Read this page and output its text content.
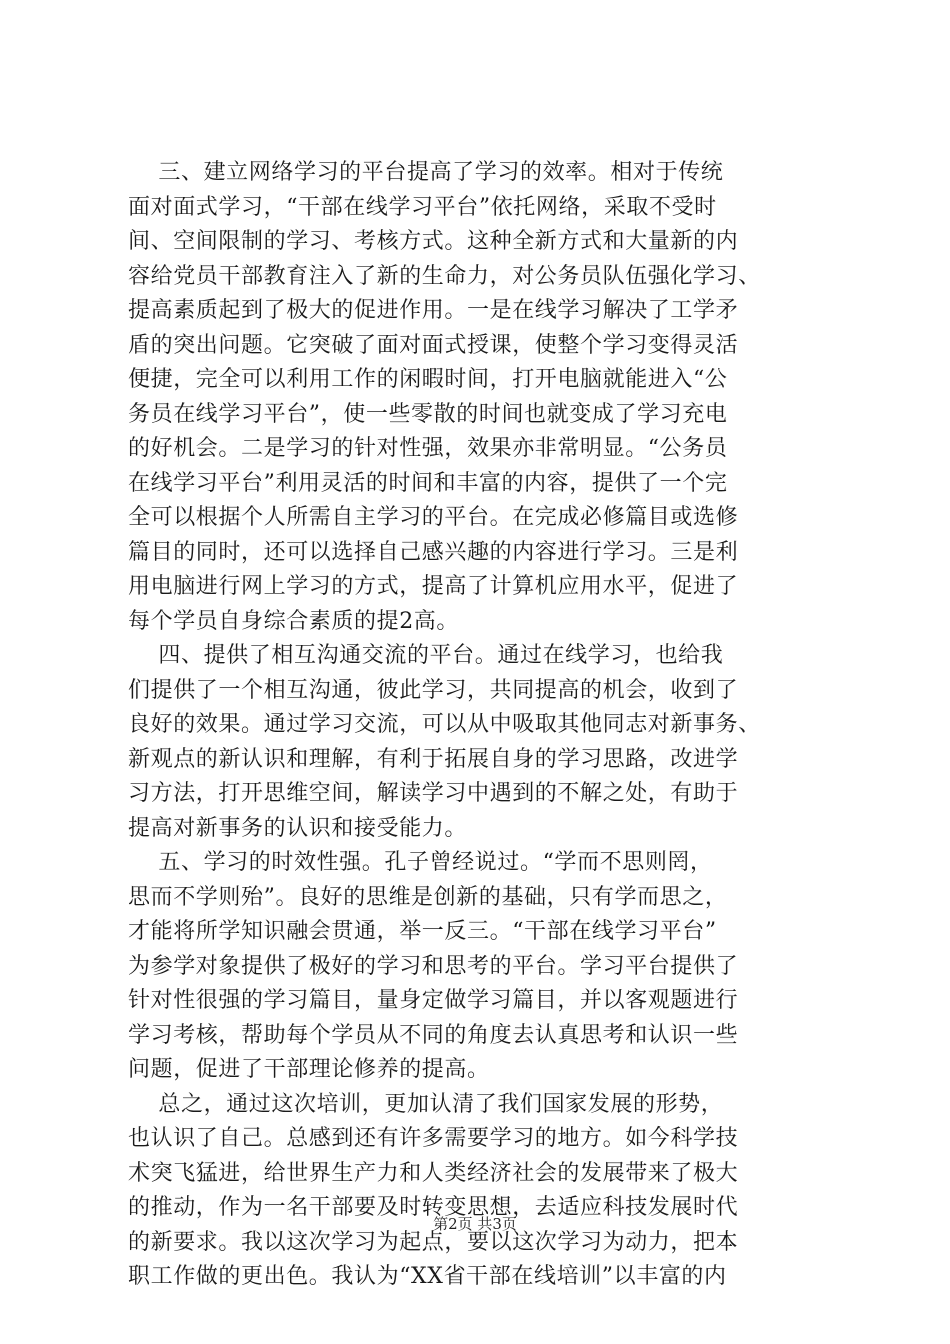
三、建立网络学习的平台提高了学习的效率。相对于传统
面对面式学习，“干部在线学习平台”依托网络，采取不受时
间、空间限制的学习、考核方式。这种全新方式和大量新的内
容给党员干部教育注入了新的生命力，对公务员队伍强化学习、
提高素质起到了极大的促进作用。一是在线学习解决了工学矛
盾的突出问题。它突破了面对面式授课，使整个学习变得灵活
便捷，完全可以利用工作的闲暇时间，打开电脑就能进入“公
务员在线学习平台”，使一些零散的时间也就变成了学习充电
的好机会。二是学习的针对性强，效果亦非常明显。“公务员
在线学习平台”利用灵活的时间和丰富的内容，提供了一个完
全可以根据个人所需自主学习的平台。在完成必修篇目或选修
篇目的同时，还可以选择自己感兴趣的内容进行学习。三是利
用电脑进行网上学习的方式，提高了计算机应用水平，促进了
每个学员自身综合素质的提2高。
四、提供了相互沟通交流的平台。通过在线学习，也给我
们提供了一个相互沟通，彼此学习，共同提高的机会，收到了
良好的效果。通过学习交流，可以从中吸取其他同志对新事务、
新观点的新认识和理解，有利于拓展自身的学习思路，改进学
习方法，打开思维空间，解读学习中遇到的不解之处，有助于
提高对新事务的认识和接受能力。
五、学习的时效性强。孔子曾经说过。“学而不思则罔，
思而不学则殆”。良好的思维是创新的基础，只有学而思之，
才能将所学知识融会贯通，举一反三。“干部在线学习平台”
为参学对象提供了极好的学习和思考的平台。学习平台提供了
针对性很强的学习篇目，量身定做学习篇目，并以客观题进行
学习考核，帮助每个学员从不同的角度去认真思考和认识一些
问题，促进了干部理论修养的提高。
总之，通过这次培训，更加认清了我们国家发展的形势，
也认识了自己。总感到还有许多需要学习的地方。如今科学技
术突飞猛进，给世界生产力和人类经济社会的发展带来了极大
的推动，作为一名干部要及时转变思想，去适应科技发展时代
的新要求。我以这次学习为起点，要以这次学习为动力，把本
职工作做的更出色。我认为“XX省干部在线培训”以丰富的内
第2页 共3页
